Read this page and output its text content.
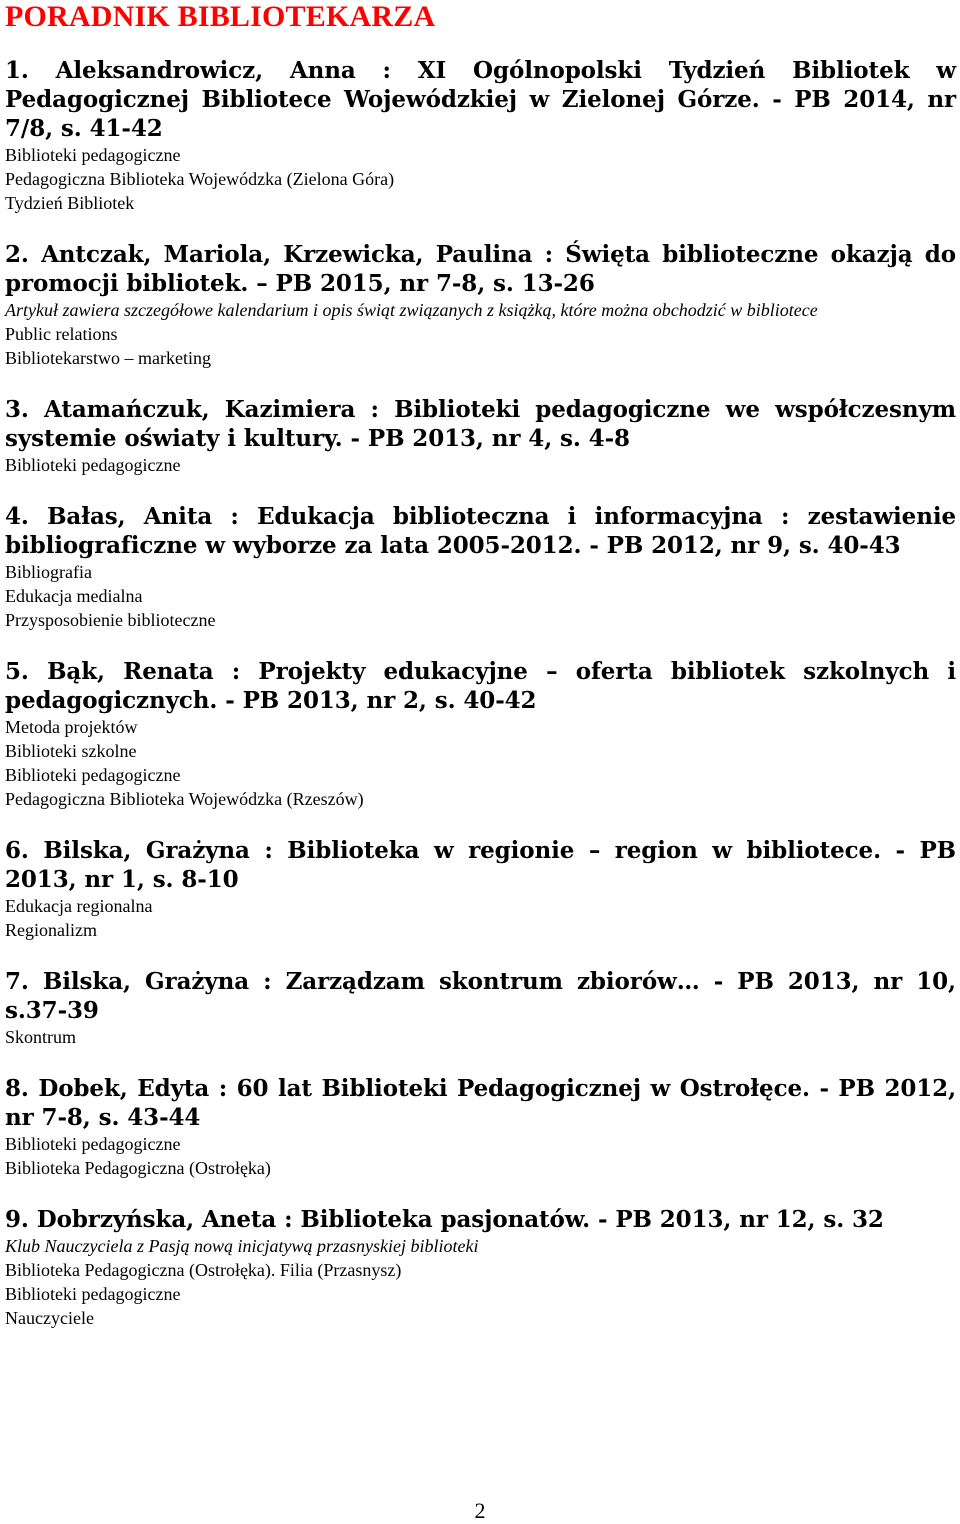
PORADNIK BIBLIOTEKARZA

1. Aleksandrowicz, Anna : XI Ogólnopolski Tydzień Bibliotek w Pedagogicznej Bibliotece Wojewódzkiej w Zielonej Górze. - PB 2014, nr 7/8, s. 41-42

Biblioteki pedagogiczne
Pedagogiczna Biblioteka Wojewódzka (Zielona Góra)
Tydzień Bibliotek

2. Antczak, Mariola, Krzewicka, Paulina : Święta biblioteczne okazją do promocji bibliotek. – PB 2015, nr 7-8, s. 13-26

Artykuł zawiera szczegółowe kalendarium i opis świąt związanych z książką, które można obchodzić w bibliotece

Public relations
Bibliotekarstwo – marketing

3. Atamańczuk, Kazimiera : Biblioteki pedagogiczne we współczesnym systemie oświaty i kultury. - PB 2013, nr 4, s. 4-8

Biblioteki pedagogiczne

4. Bałas, Anita : Edukacja biblioteczna i informacyjna : zestawienie bibliograficzne w wyborze za lata 2005-2012. - PB 2012, nr 9, s. 40-43

Bibliografia
Edukacja medialna
Przysposobienie biblioteczne

5. Bąk, Renata : Projekty edukacyjne – oferta bibliotek szkolnych i pedagogicznych. - PB 2013, nr 2, s. 40-42

Metoda projektów
Biblioteki szkolne
Biblioteki pedagogiczne
Pedagogiczna Biblioteka Wojewódzka (Rzeszów)

6. Bilska, Grażyna : Biblioteka w regionie – region w bibliotece. - PB 2013, nr 1, s. 8-10

Edukacja regionalna
Regionalizm

7. Bilska, Grażyna : Zarządzam skontrum zbiorów… - PB 2013, nr 10, s.37-39

Skontrum

8. Dobek, Edyta : 60 lat Biblioteki Pedagogicznej w Ostrołęce. - PB 2012, nr 7-8, s. 43-44

Biblioteki pedagogiczne
Biblioteka Pedagogiczna (Ostrołęka)

9. Dobrzyńska, Aneta : Biblioteka pasjonatów. - PB 2013, nr 12, s. 32

Klub Nauczyciela z Pasją nową inicjatywą przasnyskiej biblioteki

Biblioteka Pedagogiczna (Ostrołęka). Filia (Przasnysz)
Biblioteki pedagogiczne
Nauczyciele
2
